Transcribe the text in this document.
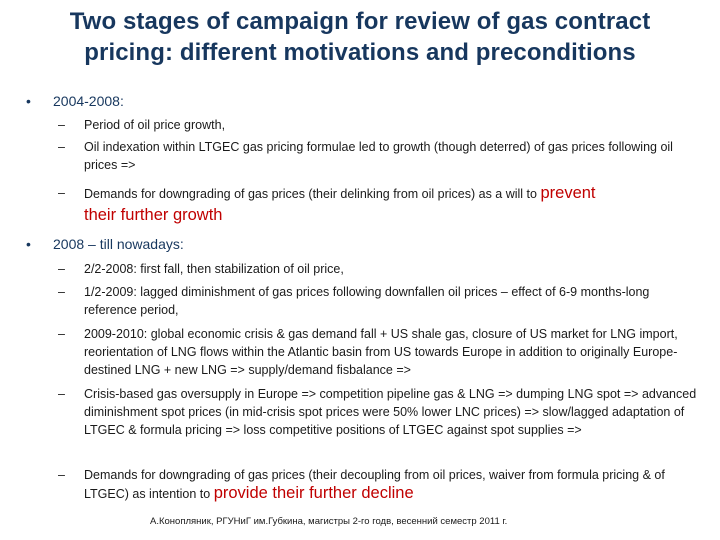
Two stages of campaign for review of gas contract
pricing: different motivations and preconditions
• 2004-2008:
– Period of oil price growth,
– Oil indexation within LTGEC gas pricing formulae led to growth (though deterred) of gas prices following oil prices =>
– Demands for downgrading of gas prices (their delinking from oil prices) as a will to prevent
their further growth
• 2008 – till nowadays:
– 2/2-2008: first fall, then stabilization of oil price,
– 1/2-2009: lagged diminishment of gas prices following downfallen oil prices – effect of 6-9 months-long reference period,
– 2009-2010: global economic crisis & gas demand fall + US shale gas, closure of US market for LNG import, reorientation of LNG flows within the Atlantic basin from US towards Europe in addition to originally Europe-destined LNG + new LNG => supply/demand fisbalance =>
– Crisis-based gas oversupply in Europe => competition pipeline gas & LNG => dumping LNG spot => advanced diminishment spot prices (in mid-crisis spot prices were 50% lower LNC prices) => slow/lagged adaptation of LTGEC & formula pricing => loss competitive positions of LTGEC against spot supplies =>
– Demands for downgrading of gas prices (their decoupling from oil prices, waiver from formula pricing & of LTGEC) as intention to provide their further decline
А.Конопляник, РГУНиГ им.Губкина, магистры 2-го годв, весенний семестр 2011 г.
